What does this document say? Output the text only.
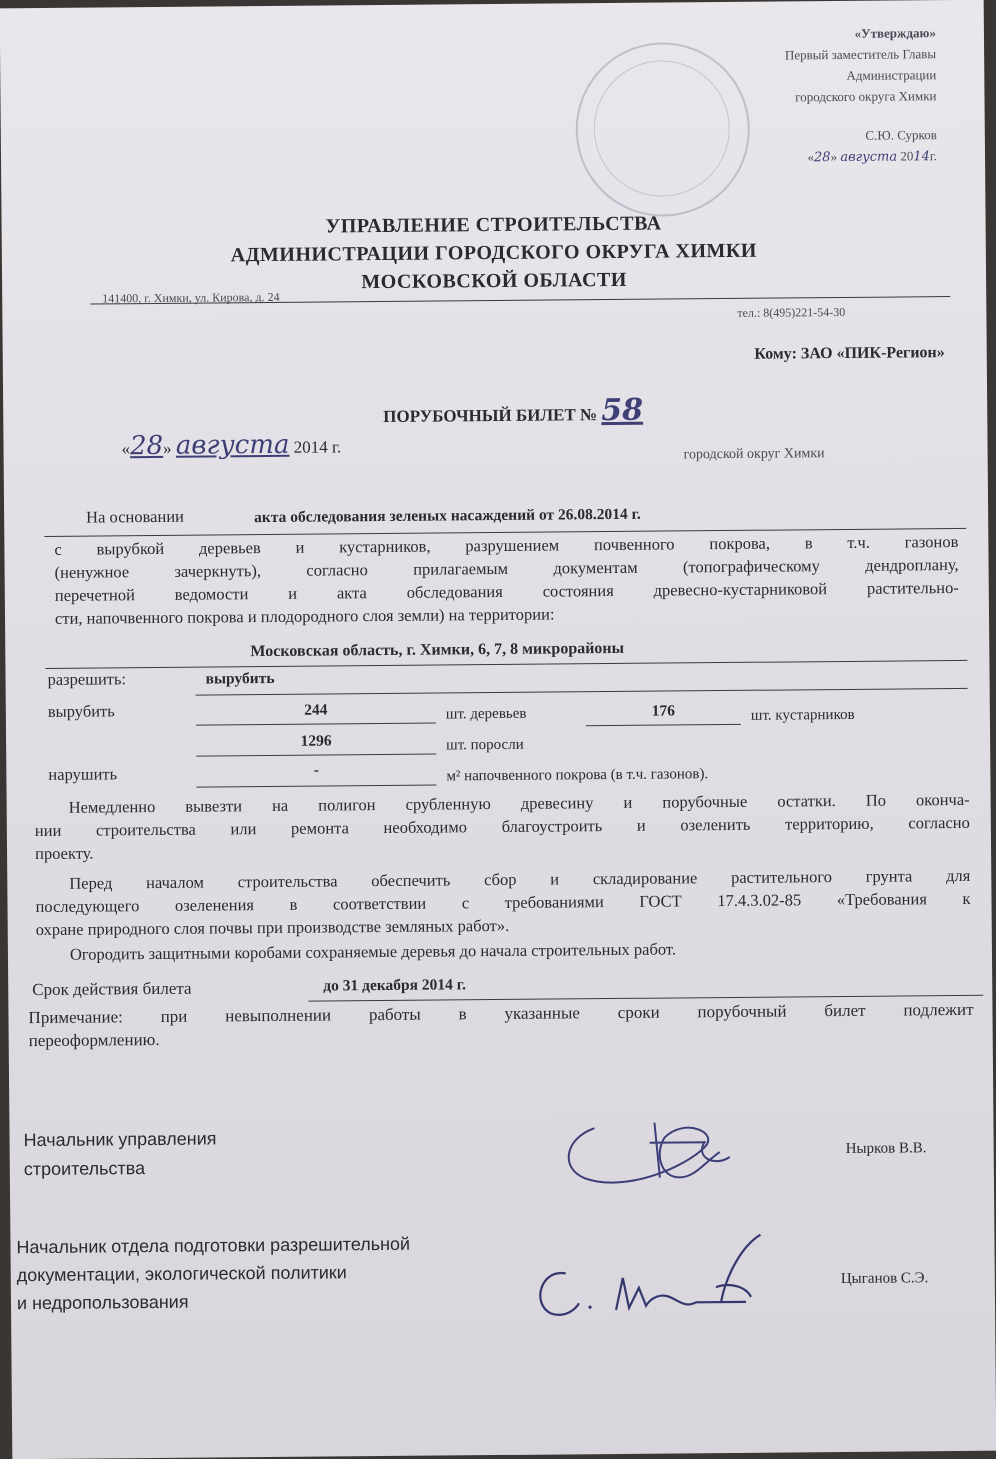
«Утверждаю»
Первый заместитель Главы
Администрации
городского округа Химки
С.Ю. Сурков
«28» августа 2014г.
УПРАВЛЕНИЕ СТРОИТЕЛЬСТВА
АДМИНИСТРАЦИИ ГОРОДСКОГО ОКРУГА ХИМКИ
МОСКОВСКОЙ ОБЛАСТИ
141400, г. Химки, ул. Кирова, д. 24
тел.: 8(495)221-54-30
Кому: ЗАО «ПИК-Регион»
ПОРУБОЧНЫЙ БИЛЕТ № 58
«28» августа 2014 г.	городской округ Химки
На основании	акта обследования зеленых насаждений от 26.08.2014 г.
с вырубкой деревьев и кустарников, разрушением почвенного покрова, в т.ч. газонов
(ненужное зачеркнуть), согласно прилагаемым документам (топографическому дендроплану,
перечетной ведомости и акта обследования состояния древесно-кустарниковой растительно-
сти, напочвенного покрова и плодородного слоя земли) на территории:
Московская область, г. Химки, 6, 7, 8 микрорайоны
разрешить:	вырубить
вырубить	244	шт. деревьев	176	шт. кустарников
1296	шт. поросли
нарушить	-	м² напочвенного покрова (в т.ч. газонов).
Немедленно вывезти на полигон срубленную древесину и порубочные остатки. По оконча-
нии строительства или ремонта необходимо благоустроить и озеленить территорию, согласно
проекту.
Перед началом строительства обеспечить сбор и складирование растительного грунта для
последующего озеленения в соответствии с требованиями ГОСТ 17.4.3.02-85 «Требования к
охране природного слоя почвы при производстве земляных работ».
Огородить защитными коробами сохраняемые деревья до начала строительных работ.
Срок действия билета	до 31 декабря 2014 г.
Примечание: при невыполнении работы в указанные сроки порубочный билет подлежит
переоформлению.
Начальник управления
строительства
Нырков В.В.
Начальник отдела подготовки разрешительной
документации, экологической политики
и недропользования
Цыганов С.Э.
